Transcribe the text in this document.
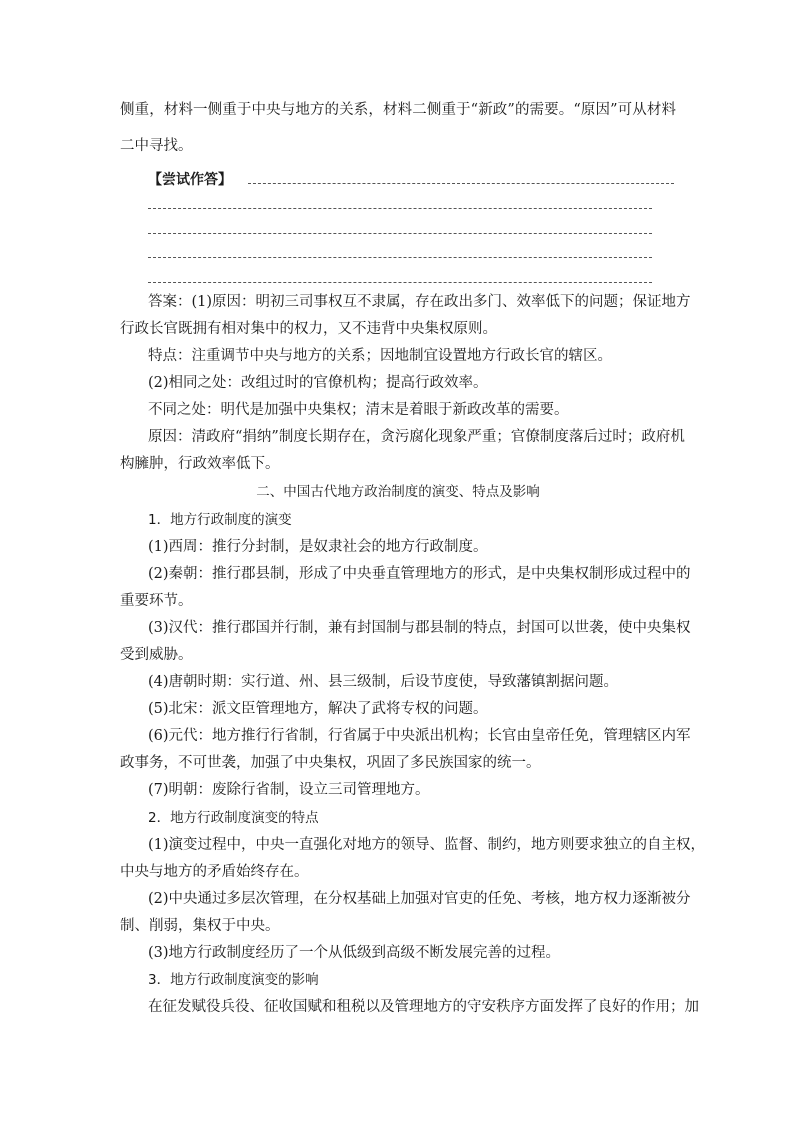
侧重，材料一侧重于中央与地方的关系，材料二侧重于“新政”的需要。“原因”可从材料
二中寻找。
【尝试作答】
答案：(1)原因：明初三司事权互不隶属，存在政出多门、效率低下的问题；保证地方
行政长官既拥有相对集中的权力，又不违背中央集权原则。
特点：注重调节中央与地方的关系；因地制宜设置地方行政长官的辖区。
(2)相同之处：改组过时的官僚机构；提高行政效率。
不同之处：明代是加强中央集权；清末是着眼于新政改革的需要。
原因：清政府“捐纳”制度长期存在，贪污腐化现象严重；官僚制度落后过时；政府机
构臃肿，行政效率低下。
二、中国古代地方政治制度的演变、特点及影响
1．地方行政制度的演变
(1)西周：推行分封制，是奴隶社会的地方行政制度。
(2)秦朝：推行郡县制，形成了中央垂直管理地方的形式，是中央集权制形成过程中的
重要环节。
(3)汉代：推行郡国并行制，兼有封国制与郡县制的特点，封国可以世袭，使中央集权
受到威胁。
(4)唐朝时期：实行道、州、县三级制，后设节度使，导致藩镇割据问题。
(5)北宋：派文臣管理地方，解决了武将专权的问题。
(6)元代：地方推行行省制，行省属于中央派出机构；长官由皇帝任免，管理辖区内军
政事务，不可世袭，加强了中央集权，巩固了多民族国家的统一。
(7)明朝：废除行省制，设立三司管理地方。
2．地方行政制度演变的特点
(1)演变过程中，中央一直强化对地方的领导、监督、制约，地方则要求独立的自主权，
中央与地方的矛盾始终存在。
(2)中央通过多层次管理，在分权基础上加强对官吏的任免、考核，地方权力逐渐被分
制、削弱，集权于中央。
(3)地方行政制度经历了一个从低级到高级不断发展完善的过程。
3．地方行政制度演变的影响
在征发赋役兵役、征收国赋和租税以及管理地方的守安秩序方面发挥了良好的作用；加
